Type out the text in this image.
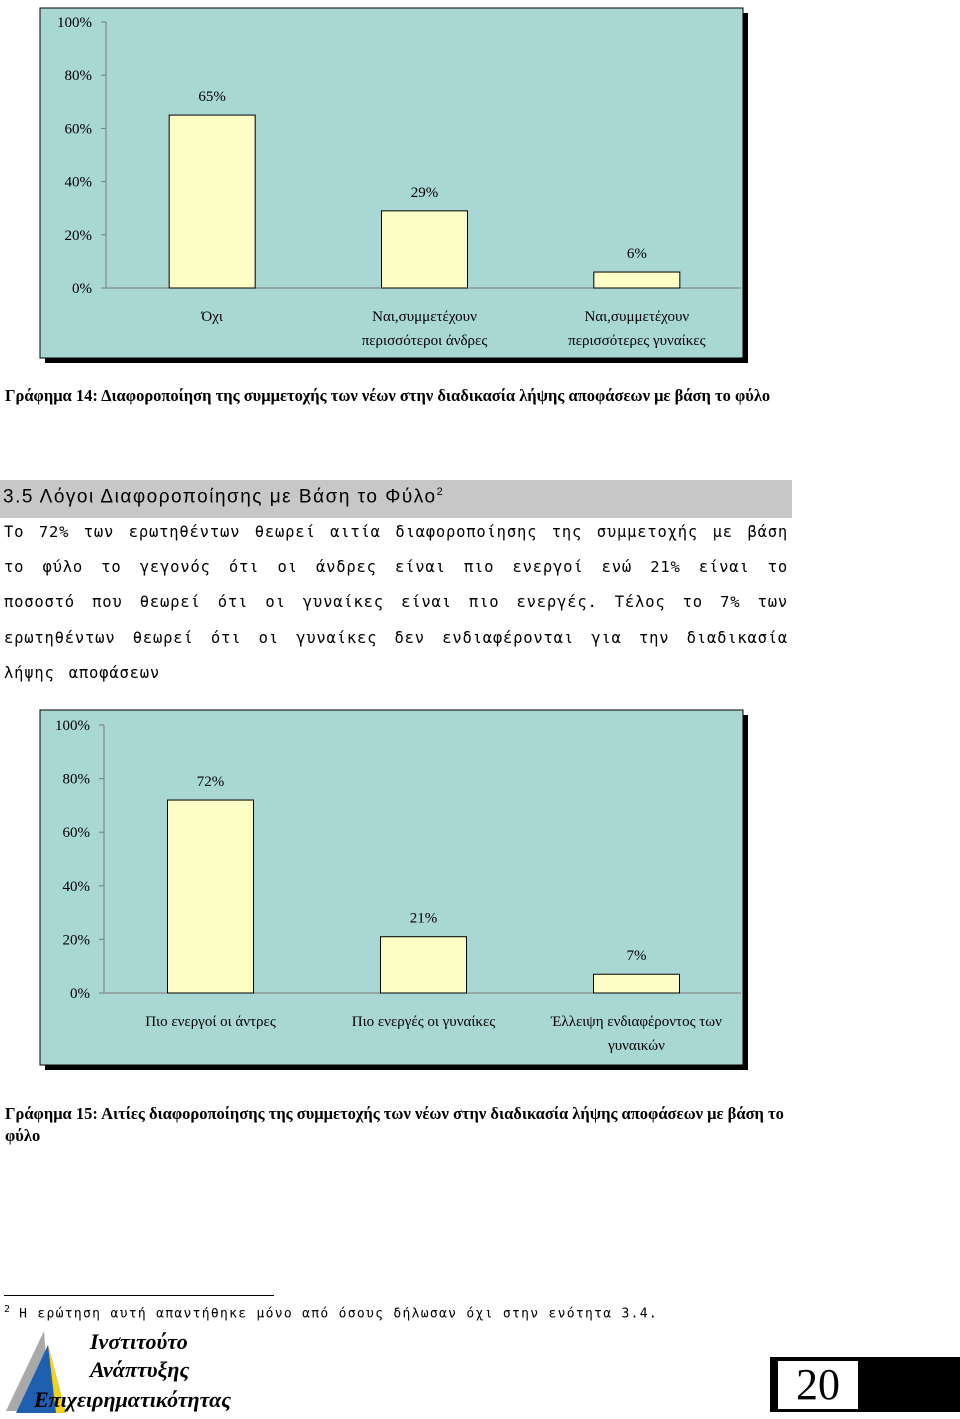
0%
20%
40%
60%
80%
100%
65%
Όχι
29%
Ναι,συμμετέχουν
περισσότεροι άνδρες
6%
Ναι,συμμετέχουν
περισσότερες γυναίκες
Γράφημα 14: Διαφοροποίηση της συμμετοχής των νέων στην διαδικασία λήψης αποφάσεων με βάση το φύλο
3.5 Λόγοι Διαφοροποίησης με Βάση το Φύλο$^2$
Το 72% των ερωτηθέντων θεωρεί αιτία διαφοροποίησης της συμμετοχής με βάση το φύλο το γεγονός ότι οι άνδρες είναι πιο ενεργοί ενώ 21% είναι το ποσοστό που θεωρεί ότι οι γυναίκες είναι πιο ενεργές. Τέλος το 7% των ερωτηθέντων θεωρεί ότι οι γυναίκες δεν ενδιαφέρονται για την διαδικασία λήψης αποφάσεων
0%
20%
40%
60%
80%
100%
72%
Πιο ενεργοί οι άντρες
21%
Πιο ενεργές οι γυναίκες
7%
Έλλειψη ενδιαφέροντος των
γυναικών
Γράφημα 15: Αιτίες διαφοροποίησης της συμμετοχής των νέων στην διαδικασία λήψης αποφάσεων με βάση το φύλο
$^2$ Η ερώτηση αυτή απαντήθηκε μόνο από όσους δήλωσαν όχι στην ενότητα 3.4.
Ινστιτούτο
Ανάπτυξης
Επιχειρηματικότητας	20
